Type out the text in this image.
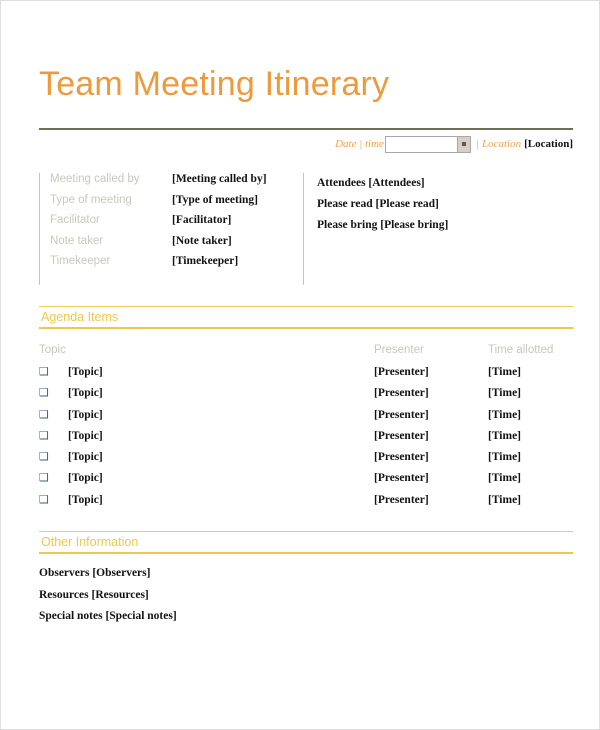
Team Meeting Itinerary
Date | time	| Location [Location]
Meeting called by	[Meeting called by]
Type of meeting	[Type of meeting]
Facilitator	[Facilitator]
Note taker	[Note taker]
Timekeeper	[Timekeeper]
Attendees [Attendees]
Please read [Please read]
Please bring [Please bring]
Agenda Items
Topic	Presenter	Time allotted
❑	[Topic]	[Presenter]	[Time]
❑	[Topic]	[Presenter]	[Time]
❑	[Topic]	[Presenter]	[Time]
❑	[Topic]	[Presenter]	[Time]
❑	[Topic]	[Presenter]	[Time]
❑	[Topic]	[Presenter]	[Time]
❑	[Topic]	[Presenter]	[Time]
Other Information
Observers [Observers]
Resources [Resources]
Special notes [Special notes]
